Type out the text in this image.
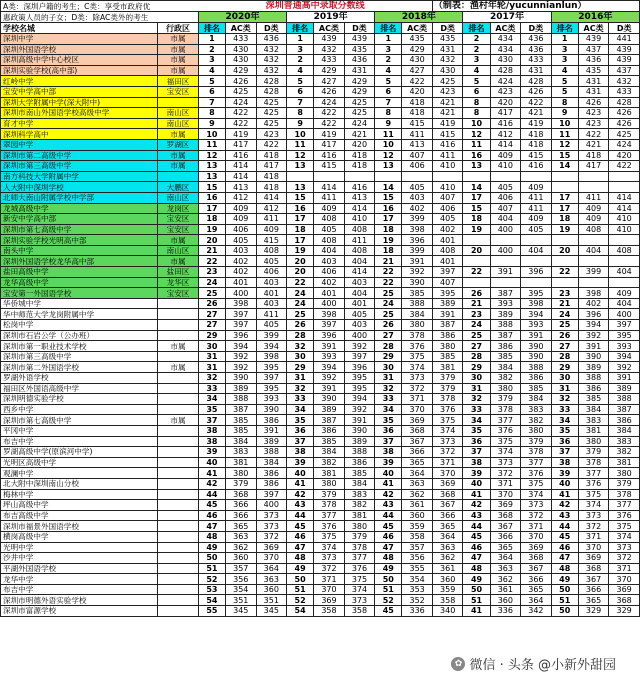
A类：深圳户籍的考生；C类：享受市政府优		深圳普通高中录取分数线								（制表：渔村年轮/yucunnianlun）						
惠政策人员的子女；D类：除AC类外的考生		2020年			2019年			2018年			2017年			2016年		
学校名城	行政区	排名	AC类	D类	排名	AC类	D类	排名	AC类	D类	排名	AC类	D类	排名	AC类	D类
深圳中学	市属	1	433	436	1	439	439	1	435	435	2	434	436	1	439	441
深圳外国语学校	市属	2	430	432	3	432	435	3	429	431	2	434	436	3	437	439
深圳高级中学中心校区	市属	3	430	432	2	433	436	2	430	432	3	430	433	3	436	439
深圳实验学校(高中部)	市属	4	429	432	4	429	431	4	427	430	4	428	431	4	435	437
红岭中学	福田区	5	426	428	5	427	429	5	422	425	5	424	428	5	431	432
宝安中学高中部	宝安区	6	425	428	6	426	429	6	420	423	6	423	426	5	431	433
深圳大学附属中学(深大附中)		7	424	425	7	424	425	7	418	421	8	420	422	8	426	428
深圳市南山外国语学校高级中学	南山区	8	422	425	8	422	425	8	418	421	8	417	421	9	423	426
育才中学	南山区	9	422	425	9	422	424	9	415	419	10	416	419	10	423	426
深圳科学高中	市属	10	419	423	10	419	421	11	411	415	12	412	418	11	422	425
翠园中学	罗湖区	11	417	422	11	417	420	10	413	416	11	414	418	12	421	424
深圳市第二高级中学	市属	12	416	418	12	416	418	12	407	411	16	409	415	15	418	420
深圳市第三高级中学	市属	13	414	417	13	415	418	13	406	410	13	410	416	14	417	422
南方科技大学附属中学		13	414	418												
人大附中深圳学校	大鹏区	15	413	418	13	414	416	14	405	410	14	405	409			
北师大南山附属学校中学部	南山区	16	412	414	15	411	413	15	403	407	17	406	411	17	411	414
龙城高级中学	龙岗区	17	409	412	16	409	414	16	402	406	15	407	411	17	409	414
新安中学高中部	宝安区	18	409	411	17	408	410	17	399	405	18	404	409	18	409	410
深圳市第七高级中学	宝安区	19	406	409	18	405	408	18	398	402	19	400	405	19	408	410
深圳实验学校光明高中部	市属	20	405	415	17	408	411	19	396	401						
南头中学	南山区	21	403	408	19	404	408	18	399	408	20	400	404	20	404	408
深圳外国语学校龙华高中部	市属	22	402	405	20	403	404	21	391	401						
盐田高级中学	盐田区	23	402	406	20	406	414	22	392	397	22	391	396	22	399	404
龙华高级中学	龙华区	24	401	403	22	402	403	22	390	407						
宝安第一外国语学校	宝安区	25	400	401	24	401	404	25	385	395	26	387	395	23	398	409
华侨城中学		26	398	403	24	400	401	24	388	389	21	393	398	21	402	404
华中师范大学龙岗附属中学		27	397	411	25	398	405	25	384	391	23	389	394	24	396	400
松岗中学		27	397	405	26	397	403	26	380	387	24	388	393	25	394	397
深圳市石岩公学（公办班）		29	396	399	28	396	400	27	378	386	25	387	391	26	392	395
深圳市第一职业技术学校	市属	30	394	394	32	391	392	28	376	380	27	386	390	27	391	393
深圳市第三高级中学		31	392	398	30	393	397	29	375	385	28	385	390	28	390	394
深圳市第二外国语学校	市属	31	392	395	29	394	396	30	374	381	29	384	388	29	389	392
罗湖外语学校		32	390	397	31	392	395	31	373	379	30	382	386	30	388	391
福田区外国语高级中学		33	389	395	32	391	395	32	372	379	31	380	385	31	386	389
深圳明德实验学校		34	388	393	33	390	394	33	371	378	32	379	384	32	385	388
西乡中学		35	387	390	34	389	392	34	370	376	33	378	383	33	384	387
深圳市第七高级中学	市属	37	385	386	35	387	391	35	369	375	34	377	382	34	383	386
平冈中学		38	385	391	36	386	390	36	368	374	35	376	380	35	381	384
布吉中学		38	384	389	37	385	389	37	367	373	36	375	379	36	380	383
罗湖高级中学(原滨河中学)		39	383	388	38	384	388	38	366	372	37	374	378	37	379	382
光明区高级中学		40	381	384	39	382	386	39	365	371	38	373	377	38	378	381
观澜中学		41	380	386	40	381	385	40	364	370	39	372	376	39	377	380
北大附中深圳南山分校		42	379	386	41	380	384	41	363	369	40	371	375	40	376	379
梅林中学		44	368	397	42	379	383	42	362	368	41	370	374	41	375	378
坪山高级中学		45	366	400	43	378	382	43	361	367	42	369	373	42	374	377
布吉高级中学		46	366	373	44	377	381	44	360	366	43	368	372	43	373	376
深圳市福景外国语学校		47	365	373	45	376	380	45	359	365	44	367	371	44	372	375
横岗高级中学		48	363	372	46	375	379	46	358	364	45	366	370	45	371	374
光明中学		49	362	369	47	374	378	47	357	363	46	365	369	46	370	373
沙井中学		50	360	370	48	373	377	48	356	362	47	364	368	47	369	372
平湖外国语学校		51	357	364	49	372	376	49	355	361	48	363	367	48	368	371
龙华中学		52	356	363	50	371	375	50	354	360	49	362	366	49	367	370
布吉中学		53	354	360	51	370	374	51	353	359	50	361	365	50	366	369
深圳市明德外语实验学校		54	351	351	52	369	373	52	352	358	51	360	364	51	365	368
深圳市富源学校		55	345	345	54	358	358	45	336	340	41	336	342	50	329	329
✿ 微信 · 头条 @小新外甜园
